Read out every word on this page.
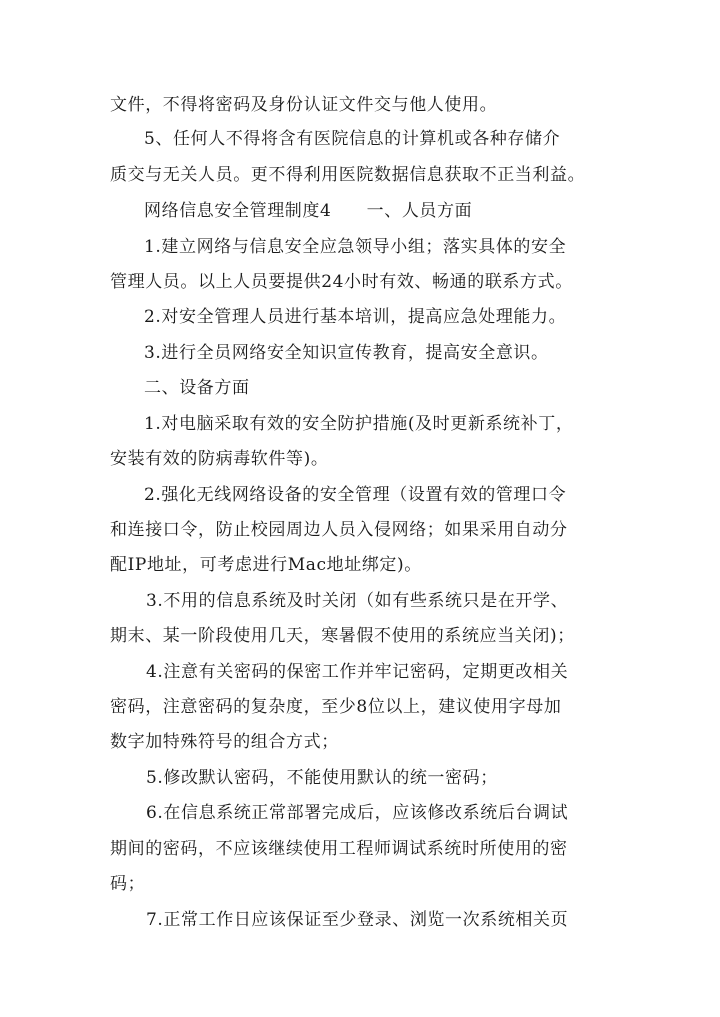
文件，不得将密码及身份认证文件交与他人使用。
5、任何人不得将含有医院信息的计算机或各种存储介
质交与无关人员。更不得利用医院数据信息获取不正当利益。
网络信息安全管理制度4　　一、人员方面
1.建立网络与信息安全应急领导小组；落实具体的安全
管理人员。以上人员要提供24小时有效、畅通的联系方式。
2.对安全管理人员进行基本培训，提高应急处理能力。
3.进行全员网络安全知识宣传教育，提高安全意识。
二、设备方面
1.对电脑采取有效的安全防护措施(及时更新系统补丁，
安装有效的防病毒软件等)。
2.强化无线网络设备的安全管理（设置有效的管理口令
和连接口令，防止校园周边人员入侵网络；如果采用自动分
配IP地址，可考虑进行Mac地址绑定)。
3.不用的信息系统及时关闭（如有些系统只是在开学、
期末、某一阶段使用几天，寒暑假不使用的系统应当关闭)；
4.注意有关密码的保密工作并牢记密码，定期更改相关
密码，注意密码的复杂度，至少8位以上，建议使用字母加
数字加特殊符号的组合方式；
5.修改默认密码，不能使用默认的统一密码；
6.在信息系统正常部署完成后，应该修改系统后台调试
期间的密码，不应该继续使用工程师调试系统时所使用的密
码；
7.正常工作日应该保证至少登录、浏览一次系统相关页
